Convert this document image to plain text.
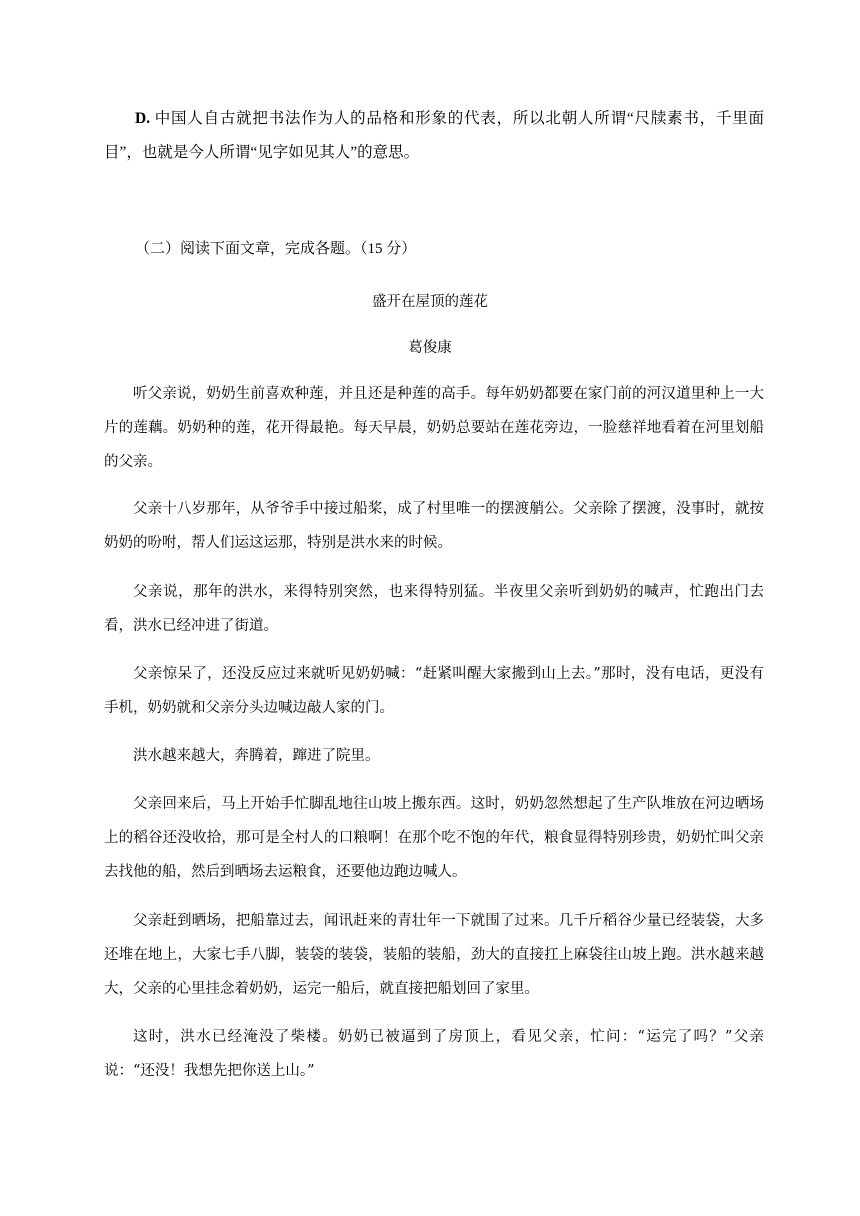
D. 中国人自古就把书法作为人的品格和形象的代表，所以北朝人所谓“尺牍素书，千里面目”，也就是今人所谓“见字如见其人”的意思。

（二）阅读下面文章，完成各题。（15 分）
盛开在屋顶的莲花
葛俊康

听父亲说，奶奶生前喜欢种莲，并且还是种莲的高手。每年奶奶都要在家门前的河汉道里种上一大片的莲藕。奶奶种的莲，花开得最艳。每天早晨，奶奶总要站在莲花旁边，一脸慈祥地看着在河里划船的父亲。

父亲十八岁那年，从爷爷手中接过船桨，成了村里唯一的摆渡艄公。父亲除了摆渡，没事时，就按奶奶的吩咐，帮人们运这运那，特别是洪水来的时候。

父亲说，那年的洪水，来得特别突然，也来得特别猛。半夜里父亲听到奶奶的喊声，忙跑出门去看，洪水已经冲进了街道。

父亲惊呆了，还没反应过来就听见奶奶喊：“赶紧叫醒大家搬到山上去。”那时，没有电话，更没有手机，奶奶就和父亲分头边喊边敲人家的门。

洪水越来越大，奔腾着，蹿进了院里。

父亲回来后，马上开始手忙脚乱地往山坡上搬东西。这时，奶奶忽然想起了生产队堆放在河边晒场上的稻谷还没收拾，那可是全村人的口粮啊！在那个吃不饱的年代，粮食显得特别珍贵，奶奶忙叫父亲去找他的船，然后到晒场去运粮食，还要他边跑边喊人。

父亲赶到晒场，把船靠过去，闻讯赶来的青壮年一下就围了过来。几千斤稻谷少量已经装袋，大多还堆在地上，大家七手八脚，装袋的装袋，装船的装船，劲大的直接扛上麻袋往山坡上跑。洪水越来越大，父亲的心里挂念着奶奶，运完一船后，就直接把船划回了家里。

这时，洪水已经淹没了柴楼。奶奶已被逼到了房顶上，看见父亲，忙问：“运完了吗？”父亲说：“还没！我想先把你送上山。”
